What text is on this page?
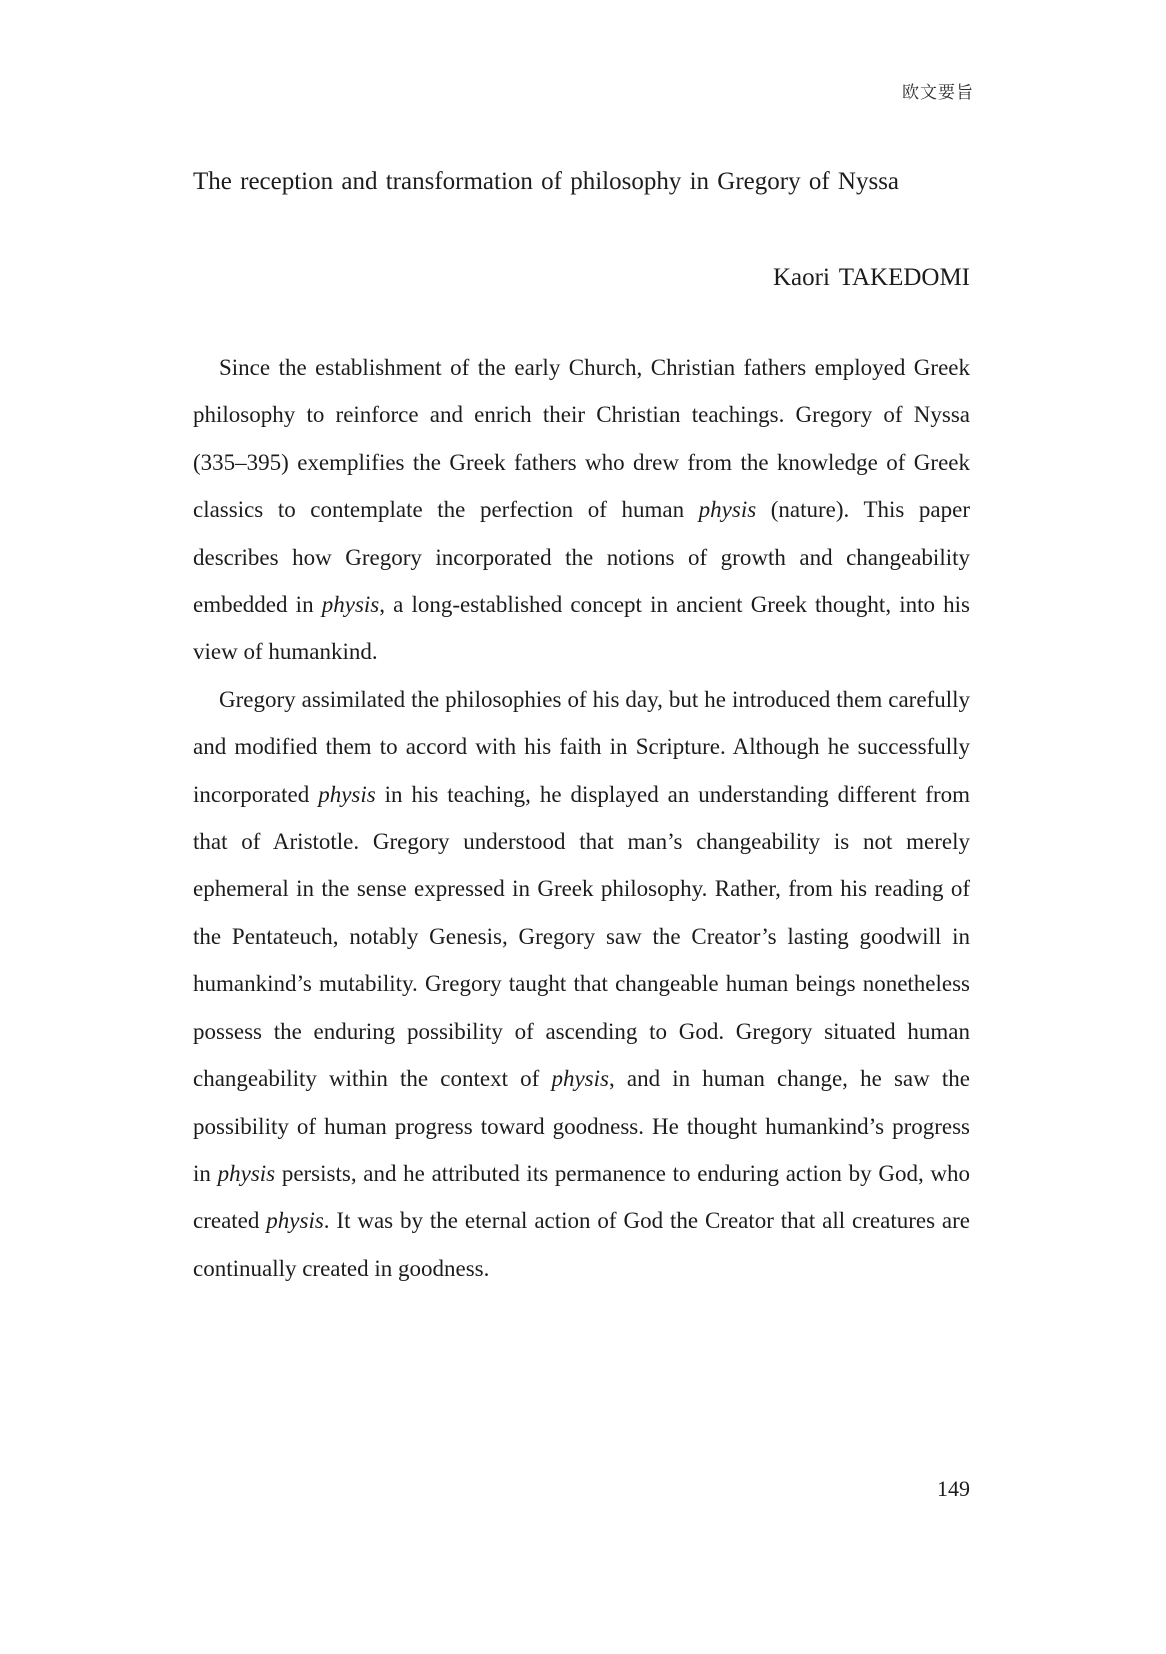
欧文要旨
The reception and transformation of philosophy in Gregory of Nyssa
Kaori TAKEDOMI

Since the establishment of the early Church, Christian fathers employed Greek philosophy to reinforce and enrich their Christian teachings. Gregory of Nyssa (335–395) exemplifies the Greek fathers who drew from the knowledge of Greek classics to contemplate the perfection of human physis (nature). This paper describes how Gregory incorporated the notions of growth and changeability embedded in physis, a long-established concept in ancient Greek thought, into his view of humankind.

Gregory assimilated the philosophies of his day, but he introduced them carefully and modified them to accord with his faith in Scripture. Although he successfully incorporated physis in his teaching, he displayed an understanding different from that of Aristotle. Gregory understood that man’s changeability is not merely ephemeral in the sense expressed in Greek philosophy. Rather, from his reading of the Pentateuch, notably Genesis, Gregory saw the Creator’s lasting goodwill in humankind’s mutability. Gregory taught that changeable human beings nonetheless possess the enduring possibility of ascending to God. Gregory situated human changeability within the context of physis, and in human change, he saw the possibility of human progress toward goodness. He thought humankind’s progress in physis persists, and he attributed its permanence to enduring action by God, who created physis. It was by the eternal action of God the Creator that all creatures are continually created in goodness.

149
